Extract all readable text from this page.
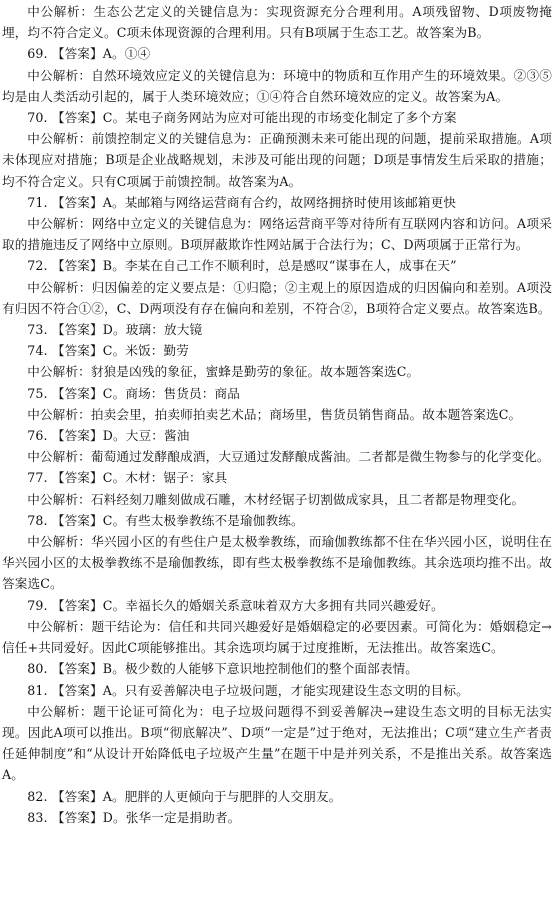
中公解析：生态公艺定义的关键信息为：实现资源充分合理利用。A项残留物、D项废物掩埋，均不符合定义。C项未体现资源的合理利用。只有B项属于生态工艺。故答案为B。

69. 【答案】A。①④

中公解析：自然环境效应定义的关键信息为：环境中的物质和互作用产生的环境效果。②③⑤均是由人类活动引起的，属于人类环境效应；①④符合自然环境效应的定义。故答案为A。

70. 【答案】C。某电子商务网站为应对可能出现的市场变化制定了多个方案

中公解析：前馈控制定义的关键信息为：正确预测未来可能出现的问题，提前采取措施。A项未体现应对措施；B项是企业战略规划，未涉及可能出现的问题；D项是事情发生后采取的措施；均不符合定义。只有C项属于前馈控制。故答案为A。

71. 【答案】A。某邮箱与网络运营商有合约，故网络拥挤时使用该邮箱更快

中公解析：网络中立定义的关键信息为：网络运营商平等对待所有互联网内容和访问。A项采取的措施违反了网络中立原则。B项屏蔽欺诈性网站属于合法行为；C、D两项属于正常行为。

72. 【答案】B。李某在自己工作不顺利时，总是感叹“谋事在人，成事在天”

中公解析：归因偏差的定义要点是：①归隐；②主观上的原因造成的归因偏向和差别。A项没有归因不符合①②，C、D两项没有存在偏向和差别，不符合②，B项符合定义要点。故答案选B。

73. 【答案】D。玻璃：放大镜

74. 【答案】C。米饭：勤劳

中公解析：豺狼是凶残的象征，蜜蜂是勤劳的象征。故本题答案选C。

75. 【答案】C。商场：售货员：商品

中公解析：拍卖会里，拍卖师拍卖艺术品；商场里，售货员销售商品。故本题答案选C。

76. 【答案】D。大豆：酱油

中公解析：葡萄通过发酵酿成酒，大豆通过发酵酿成酱油。二者都是微生物参与的化学变化。

77. 【答案】C。木材：锯子：家具

中公解析：石料经刻刀雕刻做成石雕，木材经锯子切割做成家具，且二者都是物理变化。

78. 【答案】C。有些太极拳教练不是瑜伽教练。

中公解析：华兴园小区的有些住户是太极拳教练，而瑜伽教练都不住在华兴园小区，说明住在华兴园小区的太极拳教练不是瑜伽教练，即有些太极拳教练不是瑜伽教练。其余选项均推不出。故答案选C。

79. 【答案】C。幸福长久的婚姻关系意味着双方大多拥有共同兴趣爱好。

中公解析：题干结论为：信任和共同兴趣爱好是婚姻稳定的必要因素。可简化为：婚姻稳定→信任+共同爱好。因此C项能够推出。其余选项均属于过度推断，无法推出。故答案选C。

80. 【答案】B。极少数的人能够下意识地控制他们的整个面部表情。

81. 【答案】A。只有妥善解决电子垃圾问题，才能实现建设生态文明的目标。

中公解析：题干论证可简化为：电子垃圾问题得不到妥善解决→建设生态文明的目标无法实现。因此A项可以推出。B项“彻底解决”、D项“一定是”过于绝对，无法推出；C项“建立生产者责任延伸制度”和“从设计开始降低电子垃圾产生量”在题干中是并列关系，不是推出关系。故答案选A。

82. 【答案】A。肥胖的人更倾向于与肥胖的人交朋友。

83. 【答案】D。张华一定是捐助者。
